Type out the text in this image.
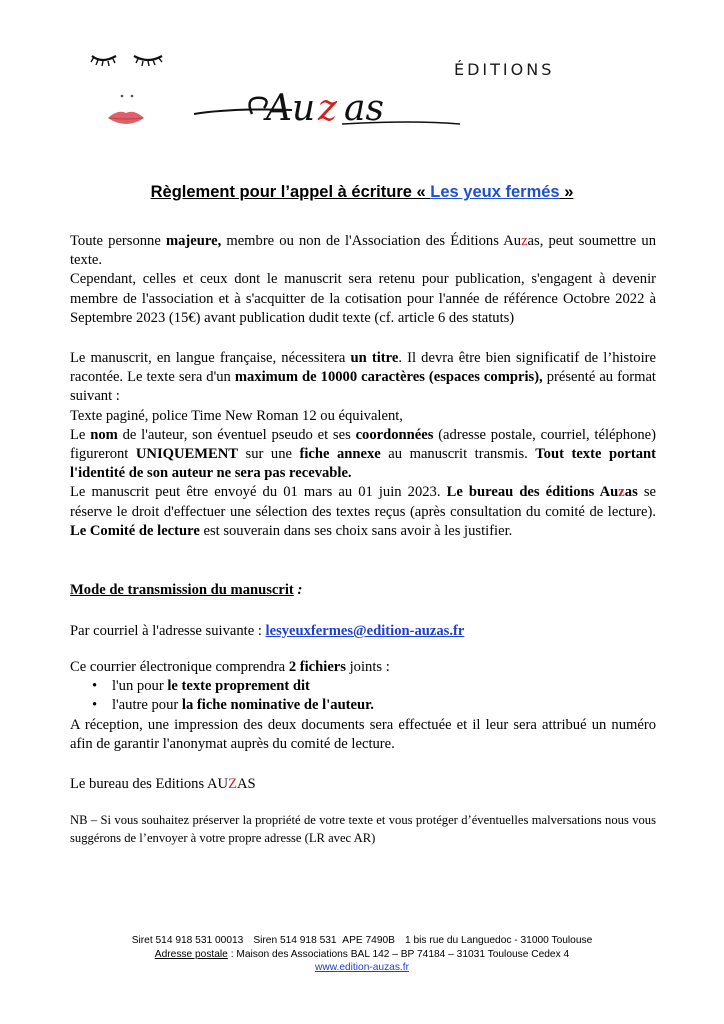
ÉDITIONS
Au z as
Règlement pour l’appel à écriture « Les yeux fermés »

Toute personne majeure, membre ou non de l'Association des Éditions Auzas, peut soumettre un texte.

Cependant, celles et ceux dont le manuscrit sera retenu pour publication, s'engagent à devenir membre de l'association et à s'acquitter de la cotisation pour l'année de référence Octobre 2022 à Septembre 2023 (15€) avant publication dudit texte (cf. article 6 des statuts)

Le manuscrit, en langue française, nécessitera un titre. Il devra être bien significatif de l’histoire racontée. Le texte sera d'un maximum de 10000 caractères (espaces compris), présenté au format suivant :

Texte paginé, police Time New Roman 12 ou équivalent,

Le nom de l'auteur, son éventuel pseudo et ses coordonnées (adresse postale, courriel, téléphone) figureront UNIQUEMENT sur une fiche annexe au manuscrit transmis. Tout texte portant l'identité de son auteur ne sera pas recevable.

Le manuscrit peut être envoyé du 01 mars au 01 juin 2023. Le bureau des éditions Auzas se réserve le droit d'effectuer une sélection des textes reçus (après consultation du comité de lecture). Le Comité de lecture est souverain dans ses choix sans avoir à les justifier.

Mode de transmission du manuscrit :

Par courriel à l'adresse suivante : lesyeuxfermes@edition-auzas.fr

Ce courrier électronique comprendra 2 fichiers joints :

• l'un pour le texte proprement dit
• l'autre pour la fiche nominative de l'auteur.

A réception, une impression des deux documents sera effectuée et il leur sera attribué un numéro afin de garantir l'anonymat auprès du comité de lecture.

Le bureau des Editions AUZAS

NB – Si vous souhaitez préserver la propriété de votre texte et vous protéger d’éventuelles malversations nous vous suggérons de l’envoyer à votre propre adresse (LR avec AR)

Siret 514 918 531 00013 Siren 514 918 531 APE 7490B 1 bis rue du Languedoc - 31000 Toulouse

Adresse postale : Maison des Associations BAL 142 – BP 74184 – 31031 Toulouse Cedex 4

www.edition-auzas.fr
